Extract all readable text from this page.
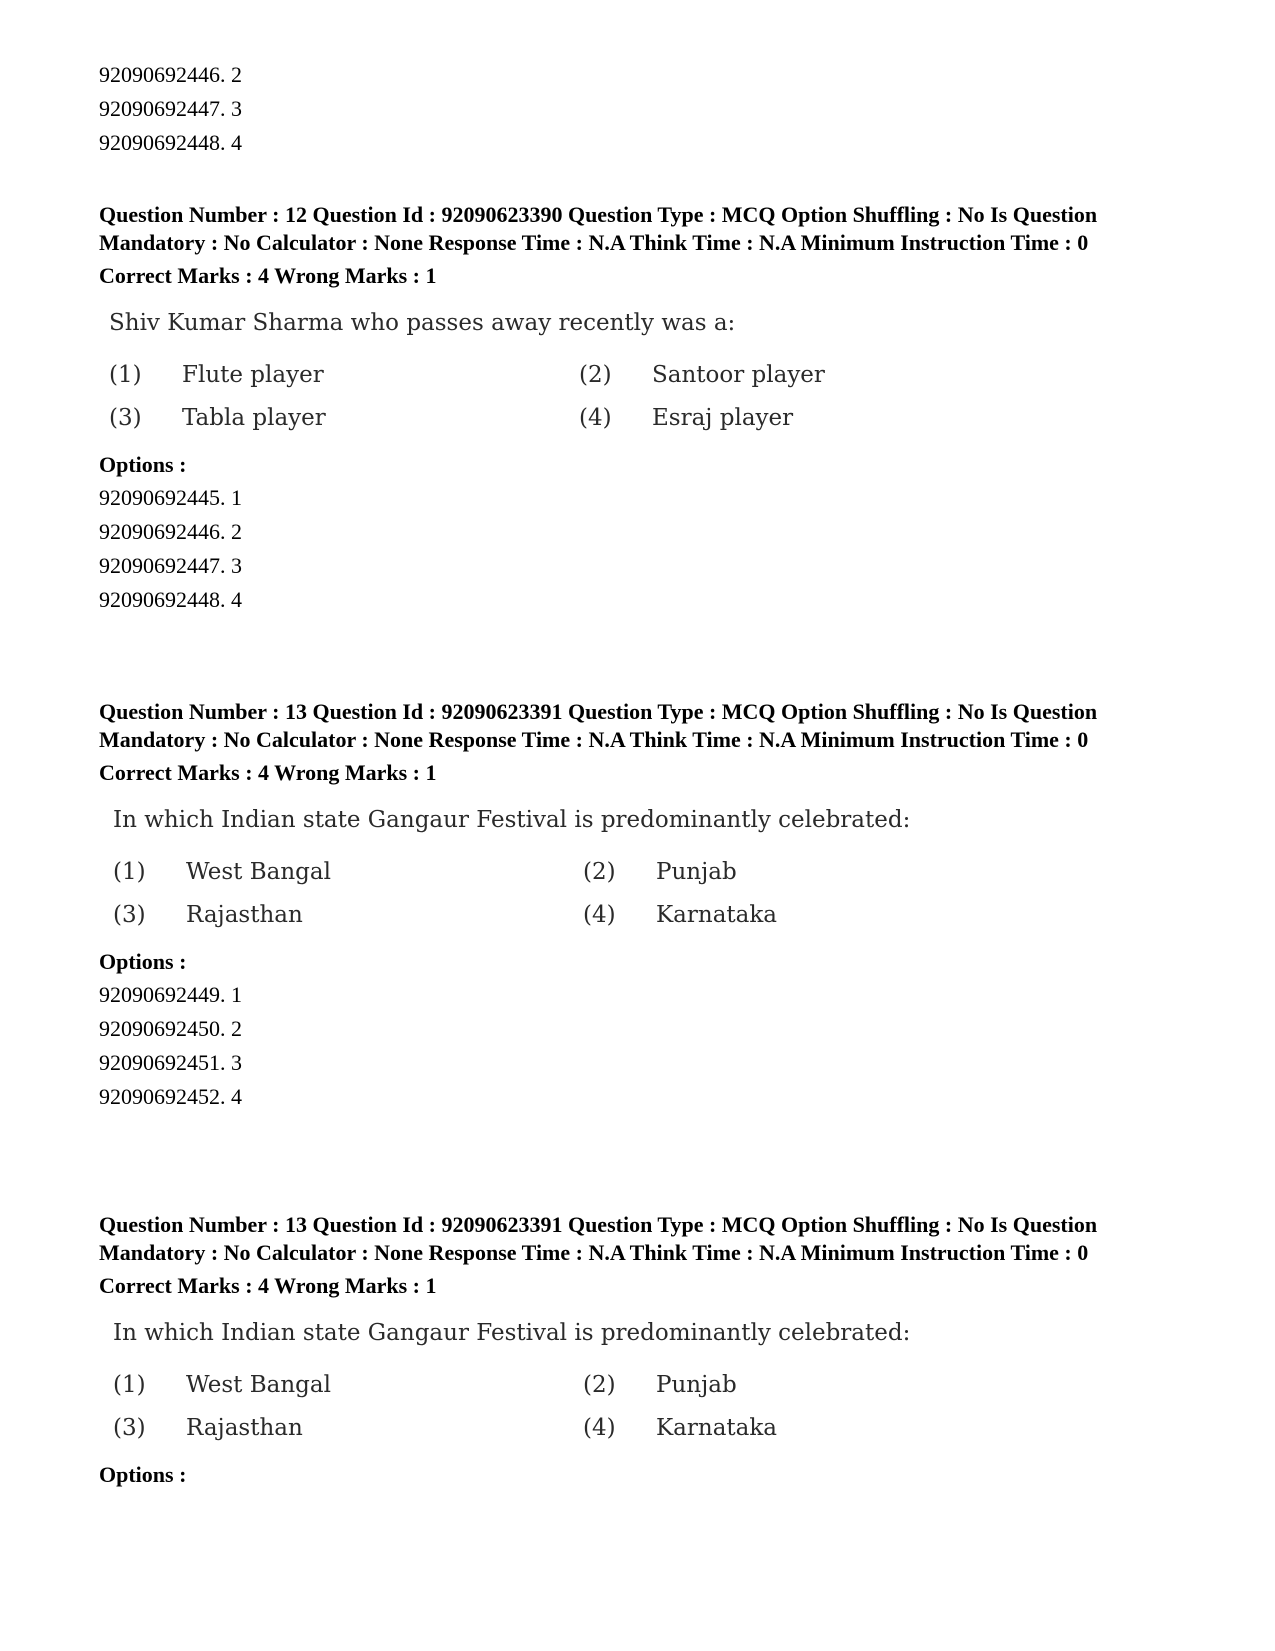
92090692446. 2
92090692447. 3
92090692448. 4
Question Number : 12 Question Id : 92090623390 Question Type : MCQ Option Shuffling : No Is Question Mandatory : No Calculator : None Response Time : N.A Think Time : N.A Minimum Instruction Time : 0
Correct Marks : 4 Wrong Marks : 1
Shiv Kumar Sharma who passes away recently was a:
(1)	Flute player	(2)	Santoor player
(3)	Tabla player	(4)	Esraj player
Options :
92090692445. 1
92090692446. 2
92090692447. 3
92090692448. 4
Question Number : 13 Question Id : 92090623391 Question Type : MCQ Option Shuffling : No Is Question Mandatory : No Calculator : None Response Time : N.A Think Time : N.A Minimum Instruction Time : 0
Correct Marks : 4 Wrong Marks : 1
In which Indian state Gangaur Festival is predominantly celebrated:
(1)	West Bangal	(2)	Punjab
(3)	Rajasthan	(4)	Karnataka
Options :
92090692449. 1
92090692450. 2
92090692451. 3
92090692452. 4
Question Number : 13 Question Id : 92090623391 Question Type : MCQ Option Shuffling : No Is Question Mandatory : No Calculator : None Response Time : N.A Think Time : N.A Minimum Instruction Time : 0
Correct Marks : 4 Wrong Marks : 1
In which Indian state Gangaur Festival is predominantly celebrated:
(1)	West Bangal	(2)	Punjab
(3)	Rajasthan	(4)	Karnataka
Options :
